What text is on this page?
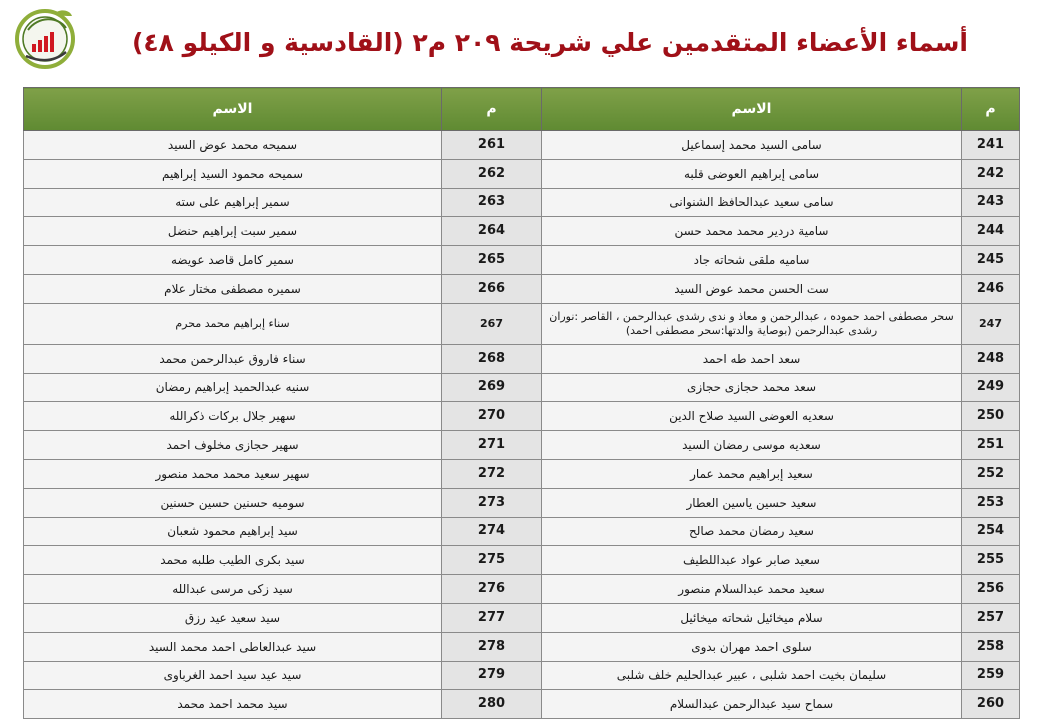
أسماء الأعضاء المتقدمين علي شريحة ٢٠٩ م٢ (القادسية و الكيلو ٤٨)
م	الاسم	م	الاسم
241	سامى السيد محمد إسماعيل	261	سميحه محمد عوض السيد
242	سامى إبراهيم العوضى قلبه	262	سميحه محمود السيد إبراهيم
243	سامى سعيد عبدالحافظ الشنوانى	263	سمير إبراهيم على سته
244	سامية دردير محمد محمد حسن	264	سمير سبت إبراهيم حنضل
245	ساميه ملقى شحاته جاد	265	سمير كامل قاصد عويضه
246	ست الحسن محمد عوض السيد	266	سميره مصطفى مختار علام
247	سحر مصطفى احمد حموده ، عبدالرحمن و معاذ و ندى رشدى عبدالرحمن ، القاصر :نوران رشدى عبدالرحمن (بوصاية والدتها:سحر مصطفى احمد)	267	سناء إبراهيم محمد محرم
248	سعد احمد طه احمد	268	سناء فاروق عبدالرحمن محمد
249	سعد محمد حجازى حجازى	269	سنيه عبدالحميد إبراهيم رمضان
250	سعديه العوضى السيد صلاح الدين	270	سهير جلال بركات ذكرالله
251	سعديه موسى رمضان السيد	271	سهير حجازى مخلوف احمد
252	سعيد إبراهيم محمد عمار	272	سهير سعيد محمد محمد منصور
253	سعيد حسين ياسين العطار	273	سوميه حسنين حسين حسنين
254	سعيد رمضان محمد صالح	274	سيد إبراهيم محمود شعبان
255	سعيد صابر عواد عبداللطيف	275	سيد بكرى الطيب طلبه محمد
256	سعيد محمد عبدالسلام منصور	276	سيد زكى مرسى عبدالله
257	سلام ميخائيل شحاته ميخائيل	277	سيد سعيد عيد رزق
258	سلوى احمد مهران بدوى	278	سيد عبدالعاطى احمد محمد السيد
259	سليمان بخيت احمد شلبى ، عبير عبدالحليم خلف شلبى	279	سيد عيد سيد احمد الغرباوى
260	سماح سيد عبدالرحمن عبدالسلام	280	سيد محمد احمد محمد
